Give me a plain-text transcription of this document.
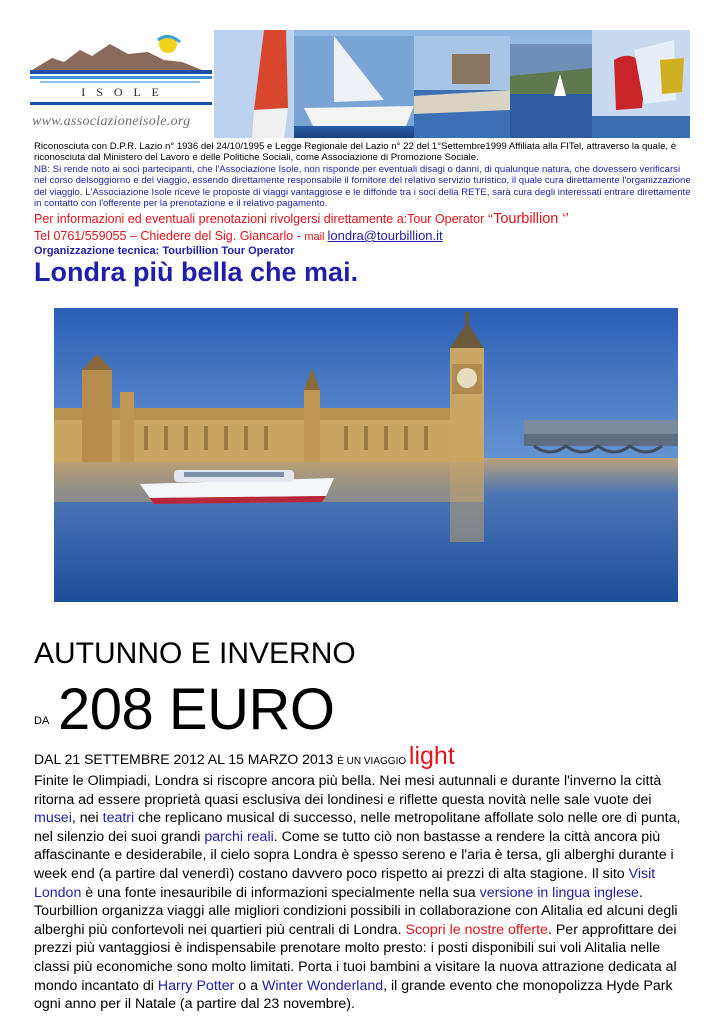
I S O L E
www.associazioneisole.org
Riconosciuta con D.P.R. Lazio n° 1936 del 24/10/1995 e Legge Regionale del Lazio n° 22 del 1°Settembre1999 Affiliata alla FITel, attraverso la quale, è riconosciuta dal Ministero del Lavoro e delle Politiche Sociali, come Associazione di Promozione Sociale.
NB: Si rende noto ai soci partecipanti, che l'Associazione Isole, non risponde per eventuali disagi o danni, di qualunque natura, che dovessero verificarsi nel corso delsoggiorno e del viaggio, essendo direttamente responsabile il fornitore del relativo servizio turistico, il quale cura direttamente l'organizzazione del viaggio. L'Associazione Isole riceve le proposte di viaggi vantaggiose e le diffonde tra i soci della RETE, sarà cura degli interessati entrare direttamente in contatto con l'offerente per la prenotazione e il relativo pagamento.
Per informazioni ed eventuali prenotazioni rivolgersi direttamente a:Tour Operator ‘‘Tourbillion ‘’
Tel 0761/559055 – Chiedere del Sig. Giancarlo - mail londra@tourbillion.it
Organizzazione tecnica: Tourbillion Tour Operator
Londra più bella che mai.
AUTUNNO E INVERNO
DA 208 EURO
DAL 21 SETTEMBRE 2012 AL 15 MARZO 2013 È UN VIAGGIO light
Finite le Olimpiadi, Londra si riscopre ancora più bella. Nei mesi autunnali e durante l'inverno la città ritorna ad essere proprietà quasi esclusiva dei londinesi e riflette questa novità nelle sale vuote dei musei, nei teatri che replicano musical di successo, nelle metropolitane affollate solo nelle ore di punta, nel silenzio dei suoi grandi parchi reali. Come se tutto ciò non bastasse a rendere la città ancora più affascinante e desiderabile, il cielo sopra Londra è spesso sereno e l'aria è tersa, gli alberghi durante i week end (a partire dal venerdì) costano davvero poco rispetto ai prezzi di alta stagione. Il sito Visit London è una fonte inesauribile di informazioni specialmente nella sua versione in lingua inglese. Tourbillion organizza viaggi alle migliori condizioni possibili in collaborazione con Alitalia ed alcuni degli alberghi più confortevoli nei quartieri più centrali di Londra. Scopri le nostre offerte. Per approfittare dei prezzi più vantaggiosi è indispensabile prenotare molto presto: i posti disponibili sui voli Alitalia nelle classi più economiche sono molto limitati. Porta i tuoi bambini a visitare la nuova attrazione dedicata al mondo incantato di Harry Potter o a Winter Wonderland, il grande evento che monopolizza Hyde Park ogni anno per il Natale (a partire dal 23 novembre).
